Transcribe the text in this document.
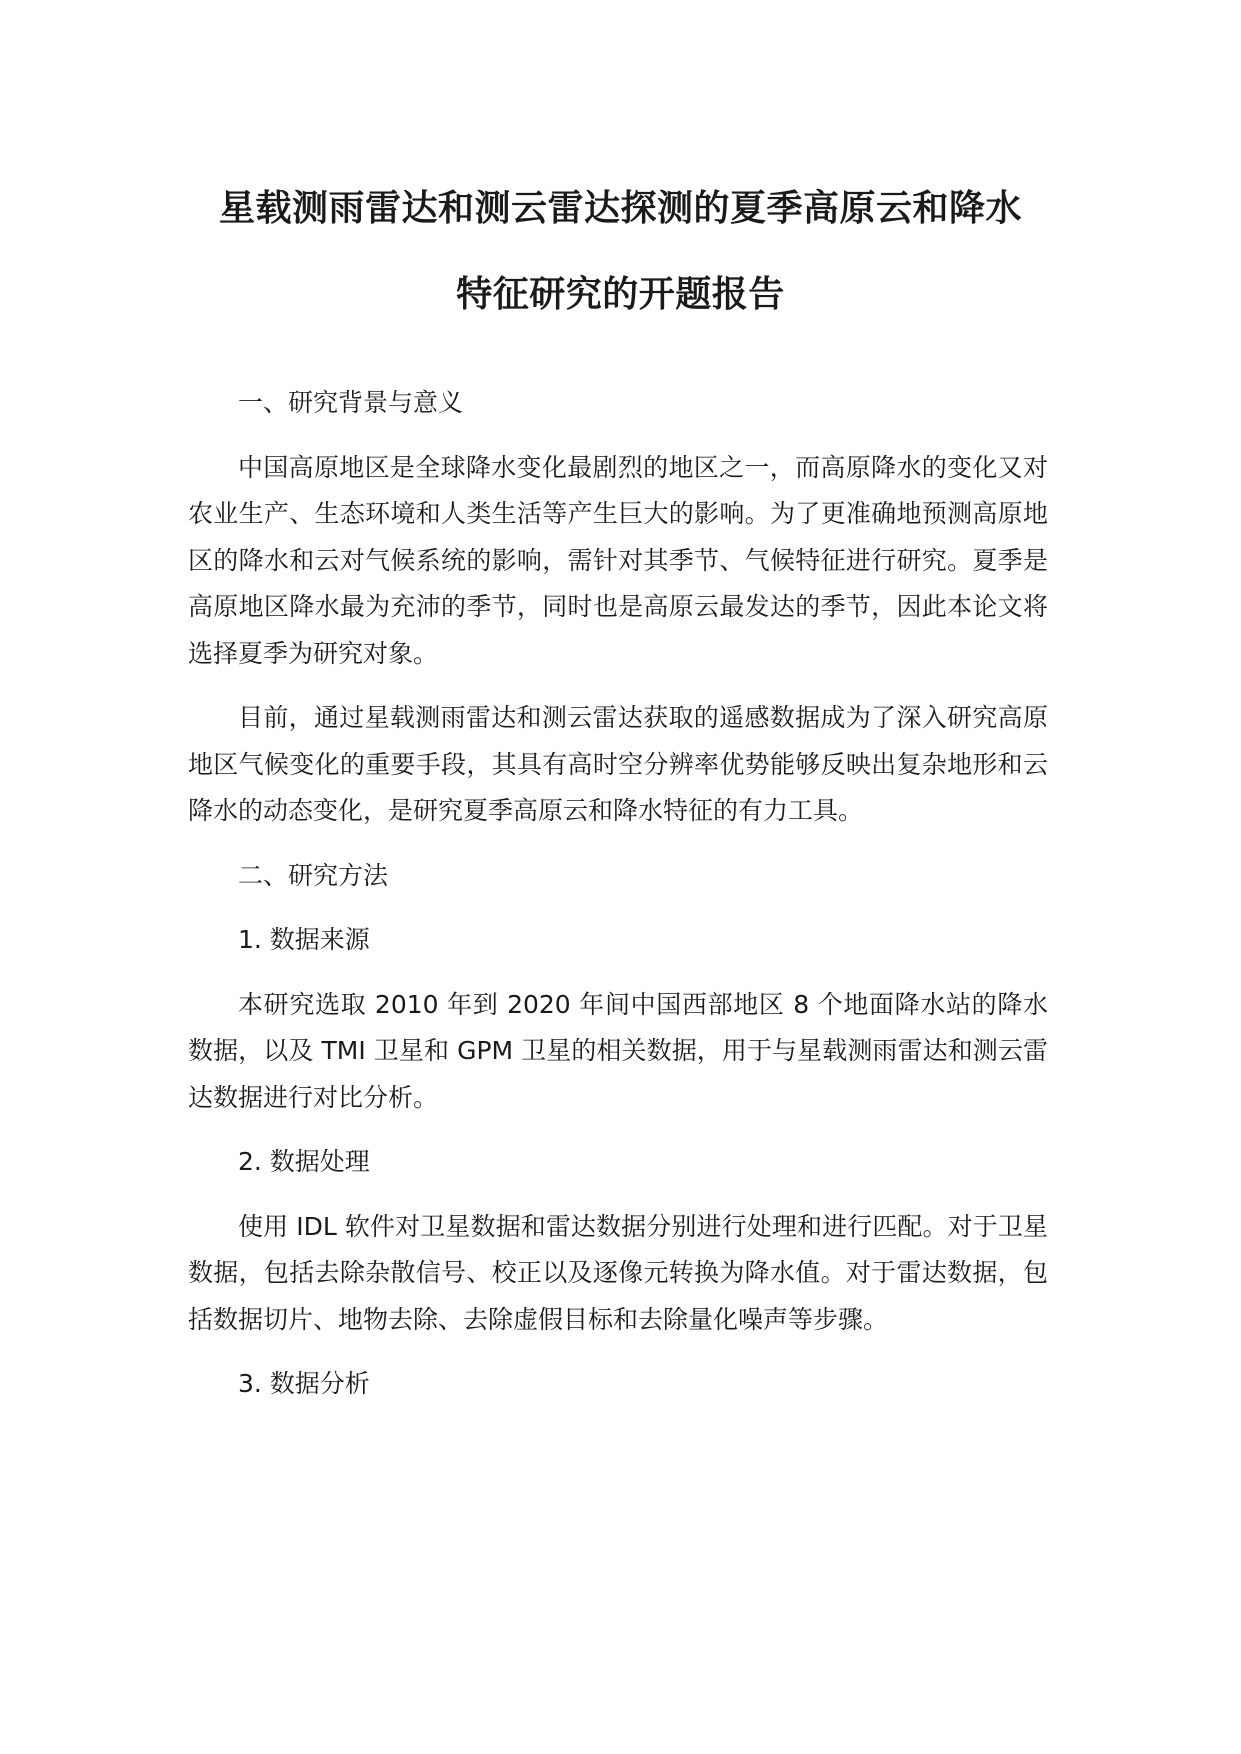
星载测雨雷达和测云雷达探测的夏季高原云和降水
特征研究的开题报告

一、研究背景与意义

中国高原地区是全球降水变化最剧烈的地区之一，而高原降水的变化又对农业生产、生态环境和人类生活等产生巨大的影响。为了更准确地预测高原地区的降水和云对气候系统的影响，需针对其季节、气候特征进行研究。夏季是高原地区降水最为充沛的季节，同时也是高原云最发达的季节，因此本论文将选择夏季为研究对象。

目前，通过星载测雨雷达和测云雷达获取的遥感数据成为了深入研究高原地区气候变化的重要手段，其具有高时空分辨率优势能够反映出复杂地形和云降水的动态变化，是研究夏季高原云和降水特征的有力工具。

二、研究方法

1. 数据来源

本研究选取 2010 年到 2020 年间中国西部地区 8 个地面降水站的降水数据，以及 TMI 卫星和 GPM 卫星的相关数据，用于与星载测雨雷达和测云雷达数据进行对比分析。

2. 数据处理

使用 IDL 软件对卫星数据和雷达数据分别进行处理和进行匹配。对于卫星数据，包括去除杂散信号、校正以及逐像元转换为降水值。对于雷达数据，包括数据切片、地物去除、去除虚假目标和去除量化噪声等步骤。

3. 数据分析
